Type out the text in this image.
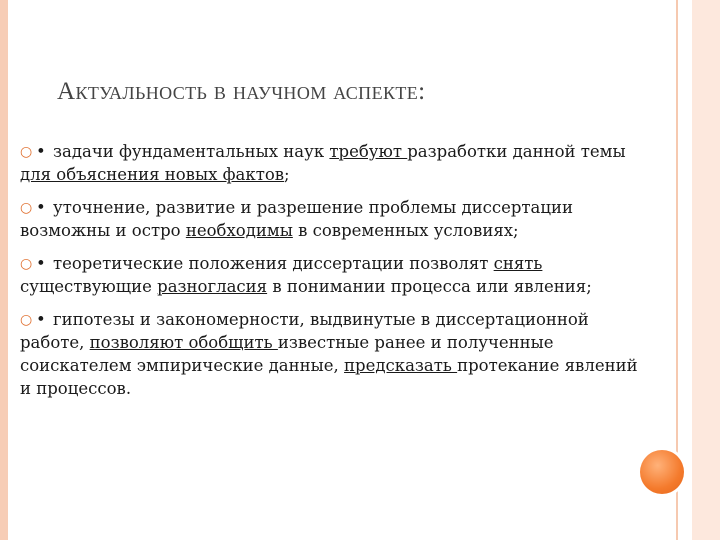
Актуальность в научном аспекте:

○ • задачи фундаментальных наук требуют разработки данной темы

для объяснения новых фактов;

○ • уточнение, развитие и разрешение проблемы диссертации

возможны и остро необходимы в современных условиях;

○ • теоретические положения диссертации позволят снять

существующие разногласия в понимании процесса или явления;

○ • гипотезы и закономерности, выдвинутые в диссертационной

работе, позволяют обобщить известные ранее и полученные

соискателем эмпирические данные, предсказать протекание явлений

и процессов.
